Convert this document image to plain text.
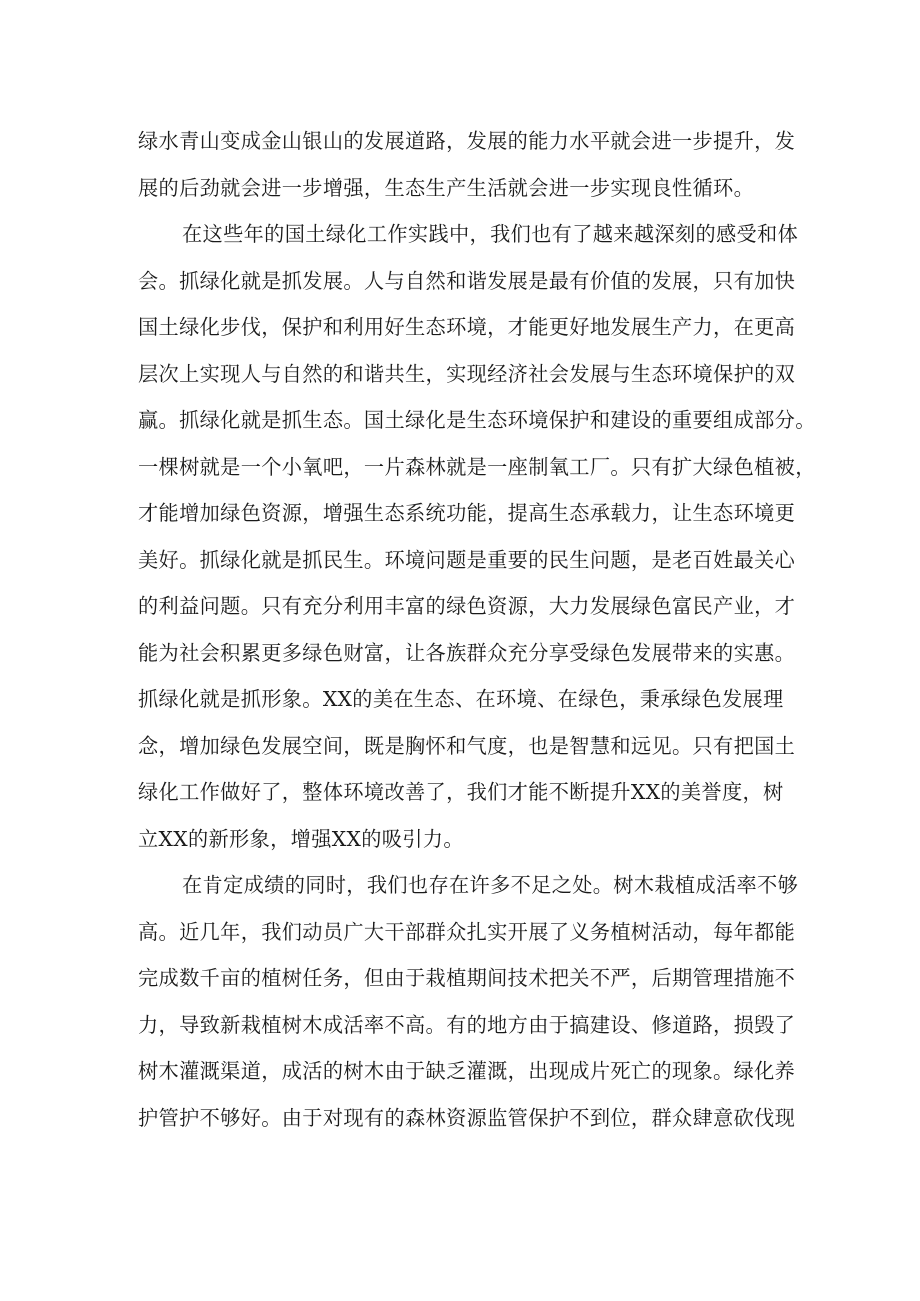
绿水青山变成金山银山的发展道路，发展的能力水平就会进一步提升，发
展的后劲就会进一步增强，生态生产生活就会进一步实现良性循环。
在这些年的国土绿化工作实践中，我们也有了越来越深刻的感受和体
会。抓绿化就是抓发展。人与自然和谐发展是最有价值的发展，只有加快
国土绿化步伐，保护和利用好生态环境，才能更好地发展生产力，在更高
层次上实现人与自然的和谐共生，实现经济社会发展与生态环境保护的双
赢。抓绿化就是抓生态。国土绿化是生态环境保护和建设的重要组成部分。
一棵树就是一个小氧吧，一片森林就是一座制氧工厂。只有扩大绿色植被，
才能增加绿色资源，增强生态系统功能，提高生态承载力，让生态环境更
美好。抓绿化就是抓民生。环境问题是重要的民生问题，是老百姓最关心
的利益问题。只有充分利用丰富的绿色资源，大力发展绿色富民产业，才
能为社会积累更多绿色财富，让各族群众充分享受绿色发展带来的实惠。
抓绿化就是抓形象。XX的美在生态、在环境、在绿色，秉承绿色发展理
念，增加绿色发展空间，既是胸怀和气度，也是智慧和远见。只有把国土
绿化工作做好了，整体环境改善了，我们才能不断提升XX的美誉度，树
立XX的新形象，增强XX的吸引力。
在肯定成绩的同时，我们也存在许多不足之处。树木栽植成活率不够
高。近几年，我们动员广大干部群众扎实开展了义务植树活动，每年都能
完成数千亩的植树任务，但由于栽植期间技术把关不严，后期管理措施不
力，导致新栽植树木成活率不高。有的地方由于搞建设、修道路，损毁了
树木灌溉渠道，成活的树木由于缺乏灌溉，出现成片死亡的现象。绿化养
护管护不够好。由于对现有的森林资源监管保护不到位，群众肆意砍伐现
